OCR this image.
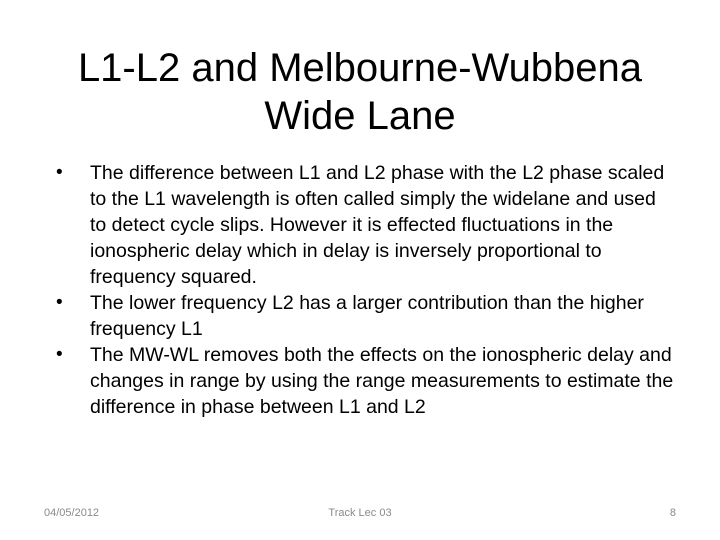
L1-L2 and Melbourne-Wubbena
Wide Lane
• The difference between L1 and L2 phase with the L2 phase scaled to the L1 wavelength is often called simply the widelane and used to detect cycle slips. However it is effected fluctuations in the ionospheric delay which in delay is inversely proportional to frequency squared.
• The lower frequency L2 has a larger contribution than the higher frequency L1
• The MW-WL removes both the effects on the ionospheric delay and changes in range by using the range measurements to estimate the difference in phase between L1 and L2
04/05/2012	Track Lec 03	8
